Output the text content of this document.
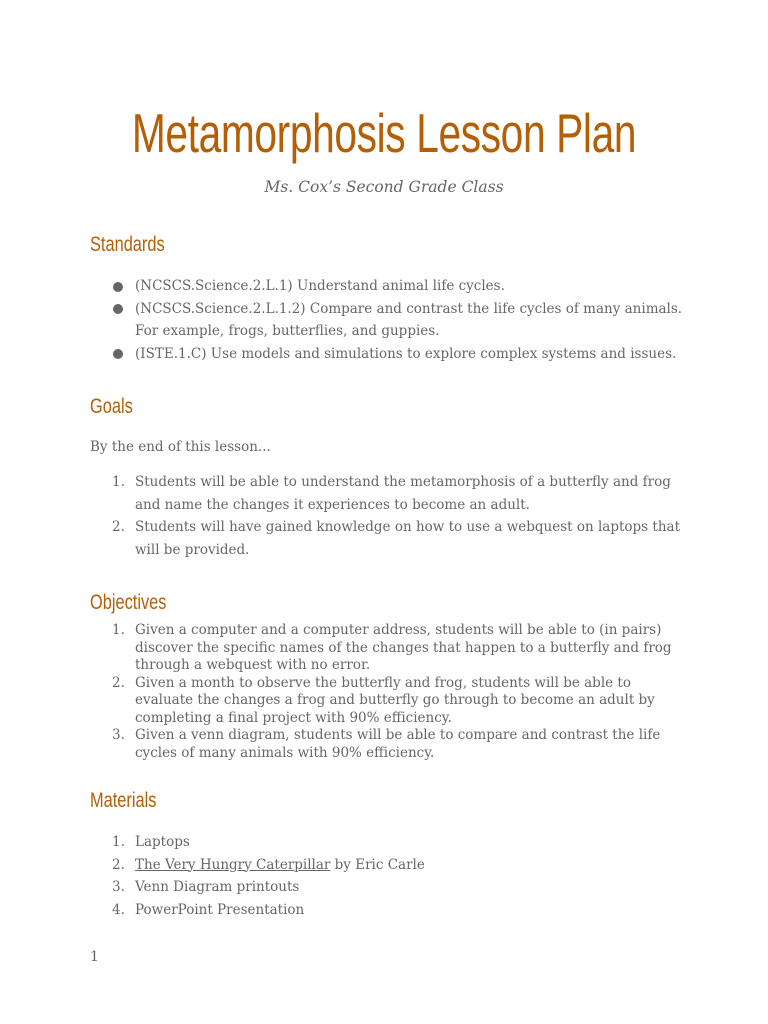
Metamorphosis Lesson Plan
Ms. Cox’s Second Grade Class
Standards
(NCSCS.Science.2.L.1) Understand animal life cycles.
(NCSCS.Science.2.L.1.2) Compare and contrast the life cycles of many animals. For example, frogs, butterflies, and guppies.
(ISTE.1.C) Use models and simulations to explore complex systems and issues.
Goals
By the end of this lesson...
1. Students will be able to understand the metamorphosis of a butterfly and frog and name the changes it experiences to become an adult.
2. Students will have gained knowledge on how to use a webquest on laptops that will be provided.
Objectives
1. Given a computer and a computer address, students will be able to (in pairs) discover the specific names of the changes that happen to a butterfly and frog through a webquest with no error.
2. Given a month to observe the butterfly and frog, students will be able to evaluate the changes a frog and butterfly go through to become an adult by completing a final project with 90% efficiency.
3. Given a venn diagram, students will be able to compare and contrast the life cycles of many animals with 90% efficiency.
Materials
1. Laptops
2. The Very Hungry Caterpillar by Eric Carle
3. Venn Diagram printouts
4. PowerPoint Presentation
1
